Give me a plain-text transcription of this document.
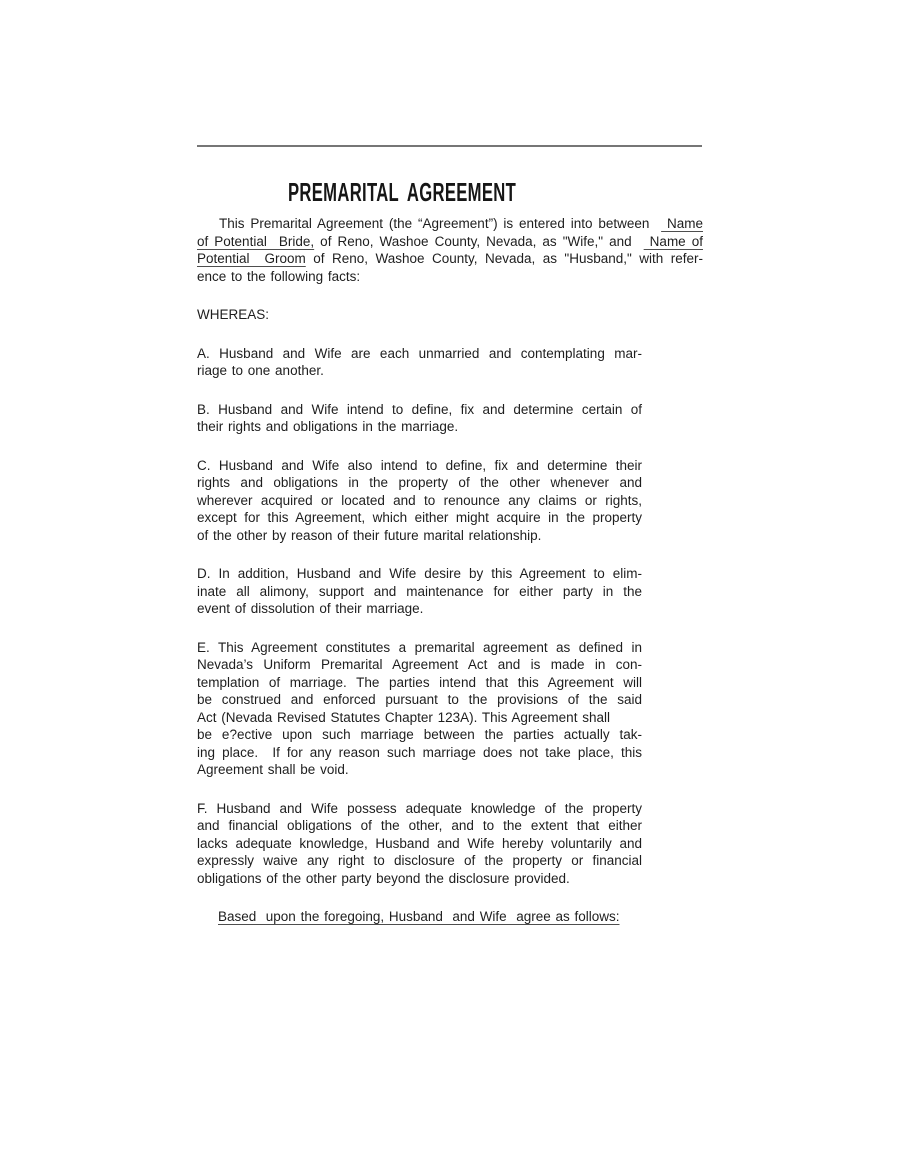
PREMARITAL AGREEMENT
This Premarital Agreement (the “Agreement”) is entered into between   Name
of Potential  Bride, of Reno, Washoe County, Nevada, as "Wife," and   Name of
Potential  Groom of Reno, Washoe County, Nevada, as "Husband," with refer-
ence to the following facts:
WHEREAS:
A. Husband and Wife are each unmarried and contemplating mar-
riage to one another.
B. Husband and Wife intend to define, fix and determine certain of
their rights and obligations in the marriage.
C. Husband and Wife also intend to define, fix and determine their
rights and obligations in the property of the other whenever and
wherever acquired or located and to renounce any claims or rights,
except for this Agreement, which either might acquire in the property
of the other by reason of their future marital relationship.
D. In addition, Husband and Wife desire by this Agreement to elim-
inate all alimony, support and maintenance for either party in the
event of dissolution of their marriage.
E. This Agreement constitutes a premarital agreement as defined in
Nevada’s Uniform Premarital Agreement Act and is made in con-
templation of marriage. The parties intend that this Agreement will
be construed and enforced pursuant to the provisions of the said
Act (Nevada Revised Statutes Chapter 123A). This Agreement shall
be e?ective upon such marriage between the parties actually tak-
ing place.  If for any reason such marriage does not take place, this
Agreement shall be void.
F. Husband and Wife possess adequate knowledge of the property
and financial obligations of the other, and to the extent that either
lacks adequate knowledge, Husband and Wife hereby voluntarily and
expressly waive any right to disclosure of the property or financial
obligations of the other party beyond the disclosure provided.
Based  upon the foregoing, Husband  and Wife  agree as follows:
